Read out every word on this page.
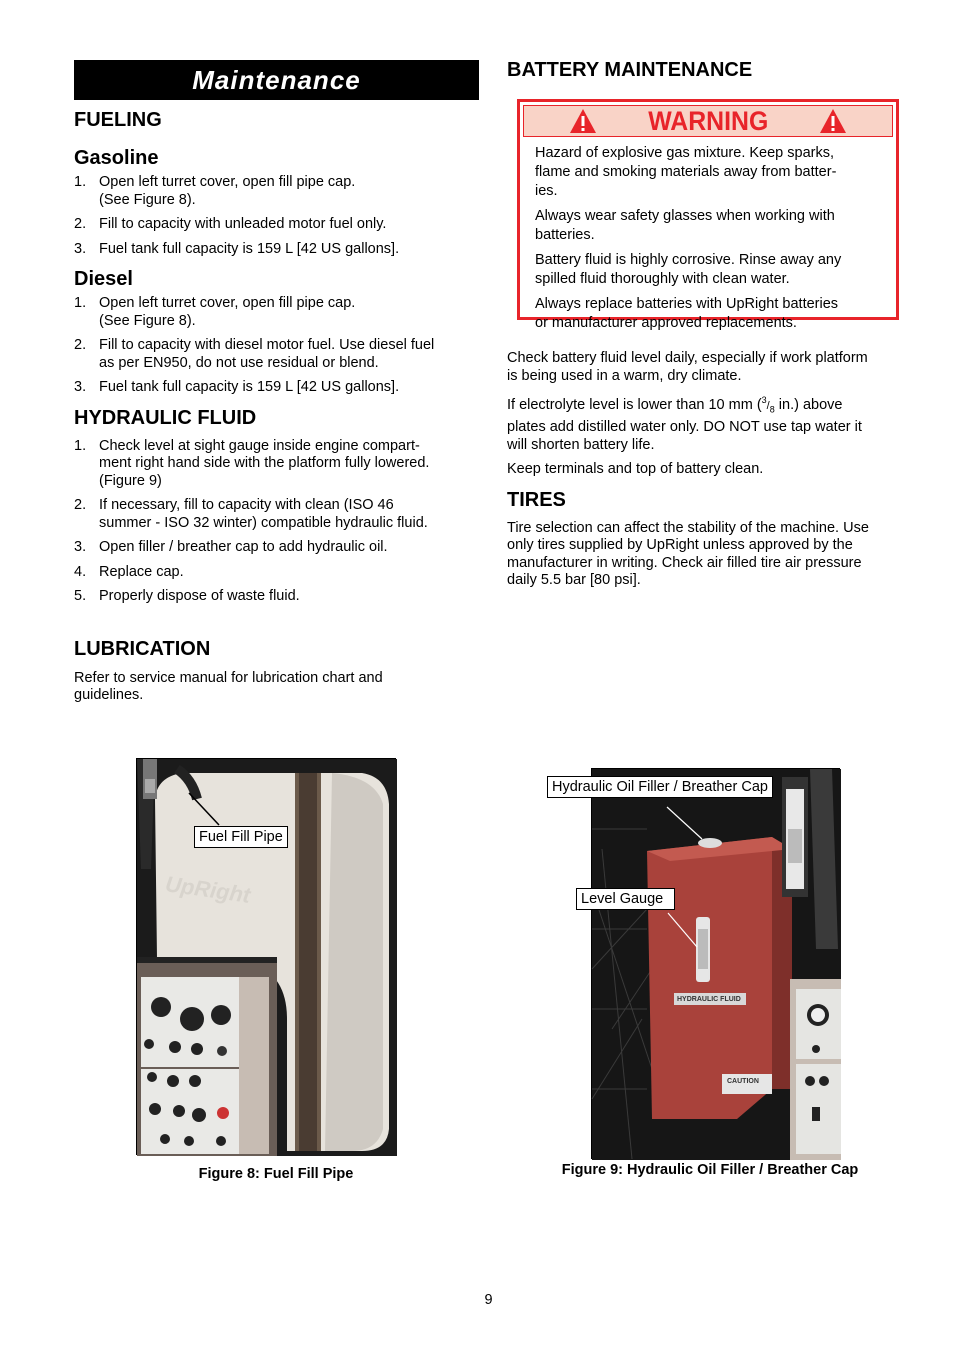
Maintenance
FUELING
Gasoline
1. Open left turret cover, open fill pipe cap.
(See Figure 8).
2. Fill to capacity with unleaded motor fuel only.
3. Fuel tank full capacity is 159 L [42 US gallons].
Diesel
1. Open left turret cover, open fill pipe cap.
(See Figure 8).
2. Fill to capacity with diesel motor fuel. Use diesel fuel
as per EN950, do not use residual or blend.
3. Fuel tank full capacity is 159 L [42 US gallons].
HYDRAULIC FLUID
1. Check level at sight gauge inside engine compart-
ment right hand side with the platform fully lowered.
(Figure 9)
2. If necessary, fill to capacity with clean (ISO 46
summer - ISO 32 winter) compatible hydraulic fluid.
3. Open filler / breather cap to add hydraulic oil.
4. Replace cap.
5. Properly dispose of waste fluid.
LUBRICATION

Refer to service manual for lubrication chart and
guidelines.

BATTERY MAINTENANCE
WARNING

Hazard of explosive gas mixture. Keep sparks,
flame and smoking materials away from batter-
ies.

Always wear safety glasses when working with
batteries.

Battery fluid is highly corrosive. Rinse away any
spilled fluid thoroughly with clean water.

Always replace batteries with UpRight batteries
or manufacturer approved replacements.

Check battery fluid level daily, especially if work platform
is being used in a warm, dry climate.

If electrolyte level is lower than 10 mm ($^3/_8$ in.) above
plates add distilled water only. DO NOT use tap water it
will shorten battery life.

Keep terminals and top of battery clean.

TIRES

Tire selection can affect the stability of the machine. Use
only tires supplied by UpRight unless approved by the
manufacturer in writing. Check air filled tire air pressure
daily 5.5 bar [80 psi].

UpRight
Fuel Fill Pipe
Figure 8: Fuel Fill Pipe
HYDRAULIC FLUID
CAUTION
Hydraulic Oil Filler / Breather Cap
Level Gauge
Figure 9: Hydraulic Oil Filler / Breather Cap
9
